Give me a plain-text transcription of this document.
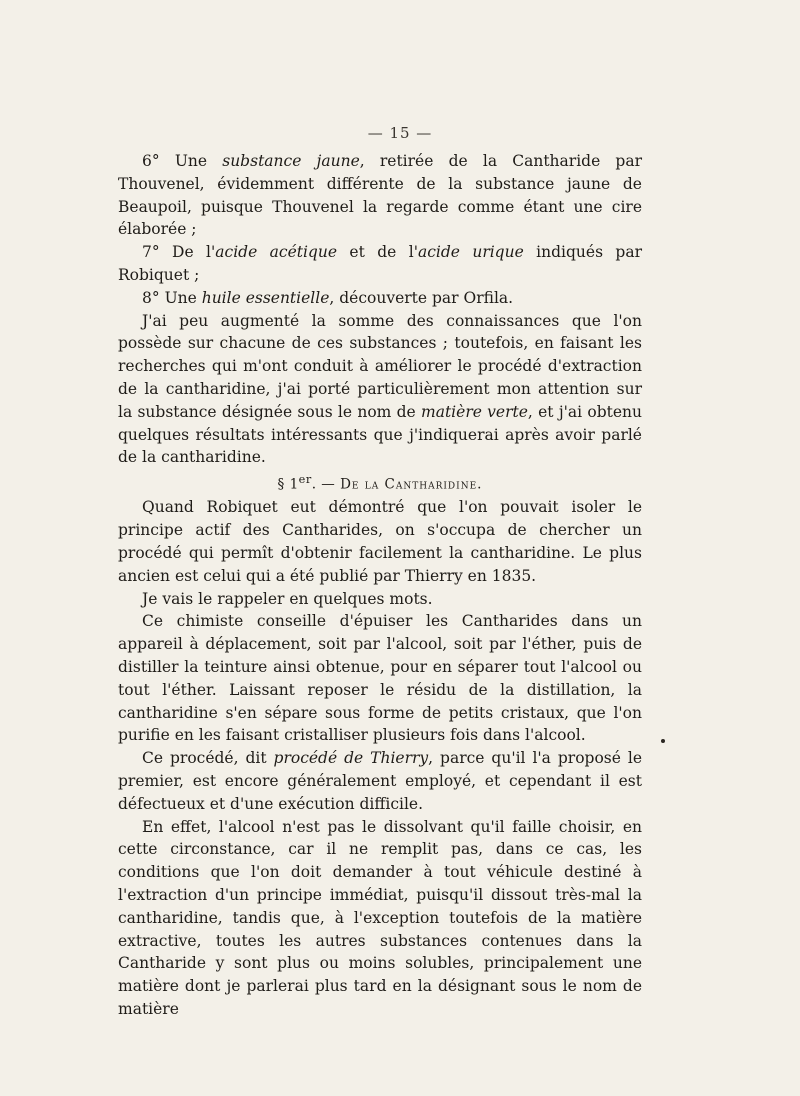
— 15 —

6° Une substance jaune, retirée de la Cantharide par Thouvenel, évidemment différente de la substance jaune de Beaupoil, puisque Thouvenel la regarde comme étant une cire élaborée ;

7° De l'acide acétique et de l'acide urique indiqués par Robiquet ;

8° Une huile essentielle, découverte par Orfila.

J'ai peu augmenté la somme des connaissances que l'on possède sur chacune de ces substances ; toutefois, en faisant les recherches qui m'ont conduit à améliorer le procédé d'extraction de la cantharidine, j'ai porté particulièrement mon attention sur la substance désignée sous le nom de matière verte, et j'ai obtenu quelques résultats intéressants que j'indiquerai après avoir parlé de la cantharidine.

§ 1er. — De la Cantharidine.

Quand Robiquet eut démontré que l'on pouvait isoler le principe actif des Cantharides, on s'occupa de chercher un procédé qui permît d'obtenir facilement la cantharidine. Le plus ancien est celui qui a été publié par Thierry en 1835.

Je vais le rappeler en quelques mots.

Ce chimiste conseille d'épuiser les Cantharides dans un appareil à déplacement, soit par l'alcool, soit par l'éther, puis de distiller la teinture ainsi obtenue, pour en séparer tout l'alcool ou tout l'éther. Laissant reposer le résidu de la distillation, la cantharidine s'en sépare sous forme de petits cristaux, que l'on purifie en les faisant cristalliser plusieurs fois dans l'alcool.

Ce procédé, dit procédé de Thierry, parce qu'il l'a proposé le premier, est encore généralement employé, et cependant il est défectueux et d'une exécution difficile.

En effet, l'alcool n'est pas le dissolvant qu'il faille choisir, en cette circonstance, car il ne remplit pas, dans ce cas, les conditions que l'on doit demander à tout véhicule destiné à l'extraction d'un principe immédiat, puisqu'il dissout très-mal la cantharidine, tandis que, à l'exception toutefois de la matière extractive, toutes les autres substances contenues dans la Cantharide y sont plus ou moins solubles, principalement une matière dont je parlerai plus tard en la désignant sous le nom de matière
